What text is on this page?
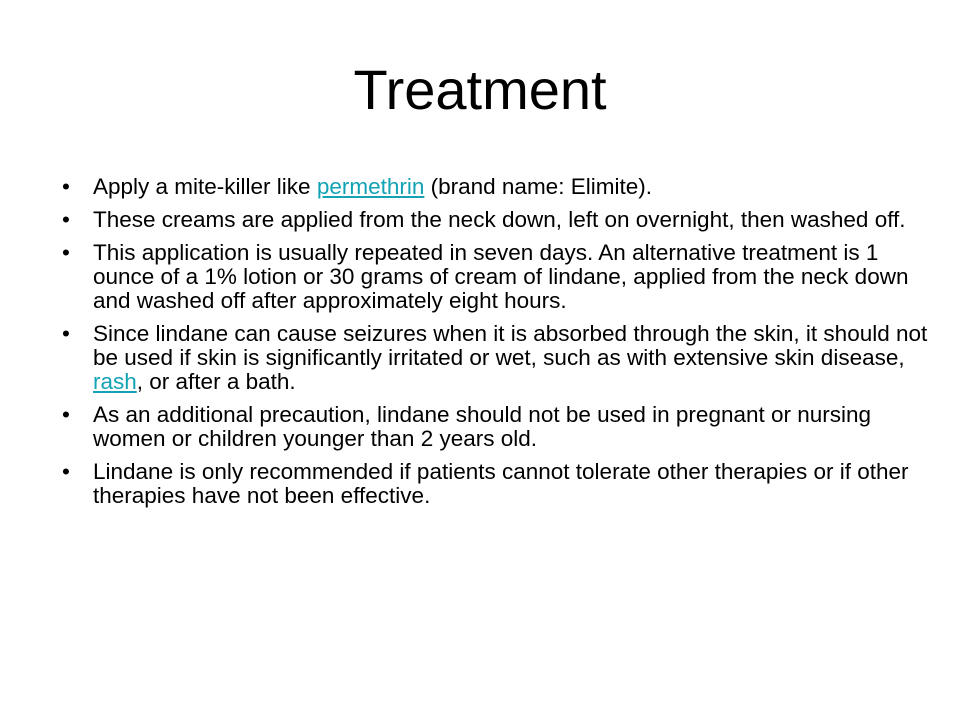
Treatment
• Apply a mite-killer like permethrin (brand name: Elimite).
• These creams are applied from the neck down, left on overnight, then washed off.
• This application is usually repeated in seven days. An alternative treatment is 1 ounce of a 1% lotion or 30 grams of cream of lindane, applied from the neck down and washed off after approximately eight hours.
• Since lindane can cause seizures when it is absorbed through the skin, it should not be used if skin is significantly irritated or wet, such as with extensive skin disease, rash, or after a bath.
• As an additional precaution, lindane should not be used in pregnant or nursing women or children younger than 2 years old.
• Lindane is only recommended if patients cannot tolerate other therapies or if other therapies have not been effective.
